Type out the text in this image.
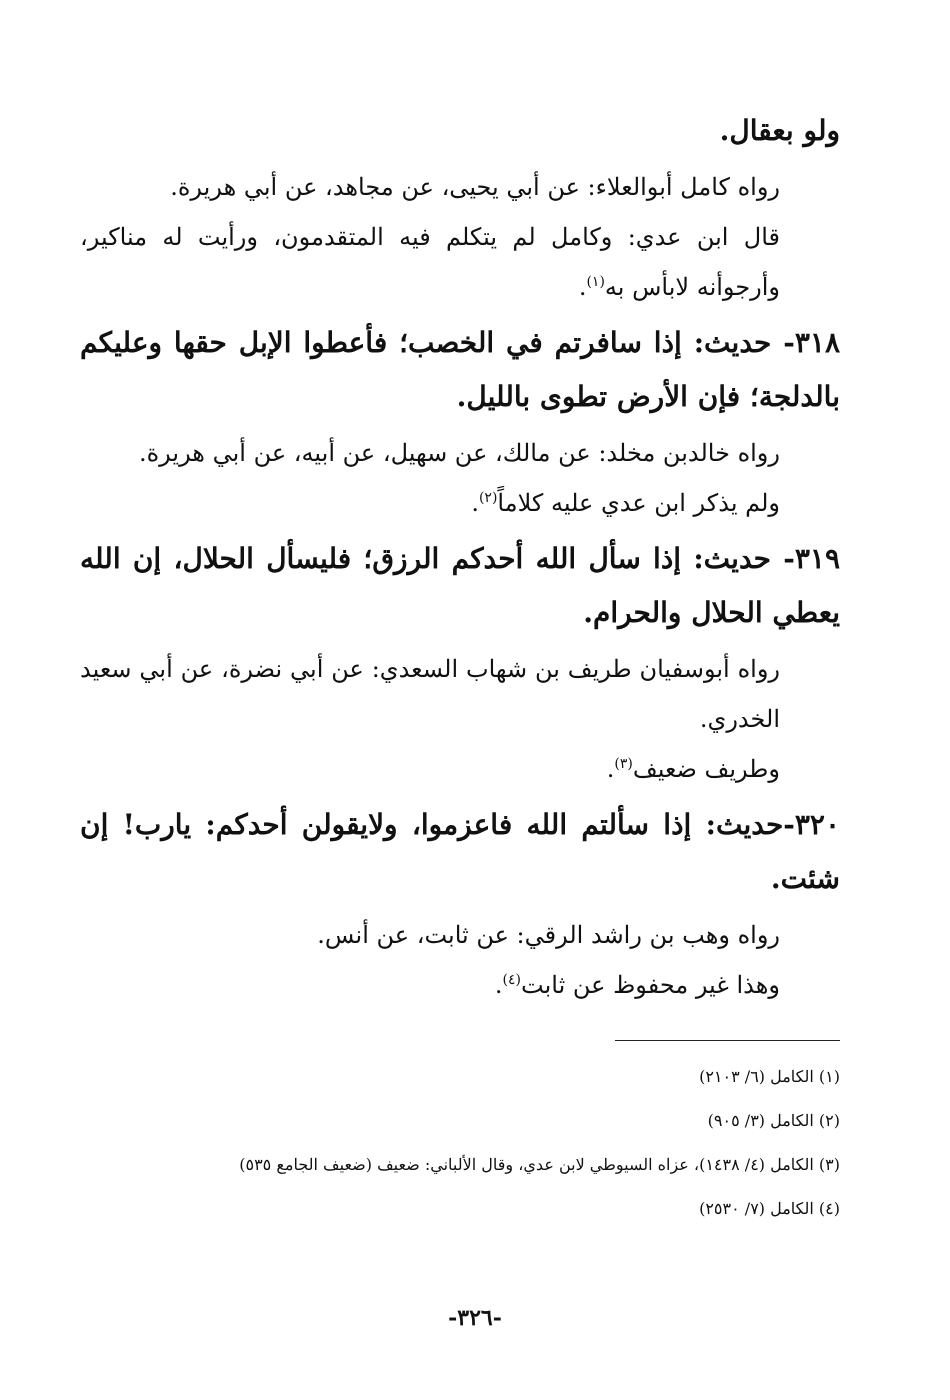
ولو بعقال.

رواه كامل أبوالعلاء: عن أبي يحيى، عن مجاهد، عن أبي هريرة.

قال ابن عدي: وكامل لم يتكلم فيه المتقدمون، ورأيت له مناكير، وأرجوأنه لابأس به$^{(١)}$.

٣١٨- حديث: إذا سافرتم في الخصب؛ فأعطوا الإبل حقها وعليكم بالدلجة؛ فإن الأرض تطوى بالليل.

رواه خالدبن مخلد: عن مالك، عن سهيل، عن أبيه، عن أبي هريرة.

ولم يذكر ابن عدي عليه كلاماً$^{(٢)}$.

٣١٩- حديث: إذا سأل الله أحدكم الرزق؛ فليسأل الحلال، إن الله يعطي الحلال والحرام.

رواه أبوسفيان طريف بن شهاب السعدي: عن أبي نضرة، عن أبي سعيد الخدري.

وطريف ضعيف$^{(٣)}$.

٣٢٠-حديث: إذا سألتم الله فاعزموا، ولايقولن أحدكم: يارب! إن شئت.

رواه وهب بن راشد الرقي: عن ثابت، عن أنس.

وهذا غير محفوظ عن ثابت$^{(٤)}$.

(١) الكامل (٦/ ٢١٠٣)

(٢) الكامل (٣/ ٩٠٥)

(٣) الكامل (٤/ ١٤٣٨)، عزاه السيوطي لابن عدي، وقال الألباني: ضعيف (ضعيف الجامع ٥٣٥)

(٤) الكامل (٧/ ٢٥٣٠)

-٣٢٦-
